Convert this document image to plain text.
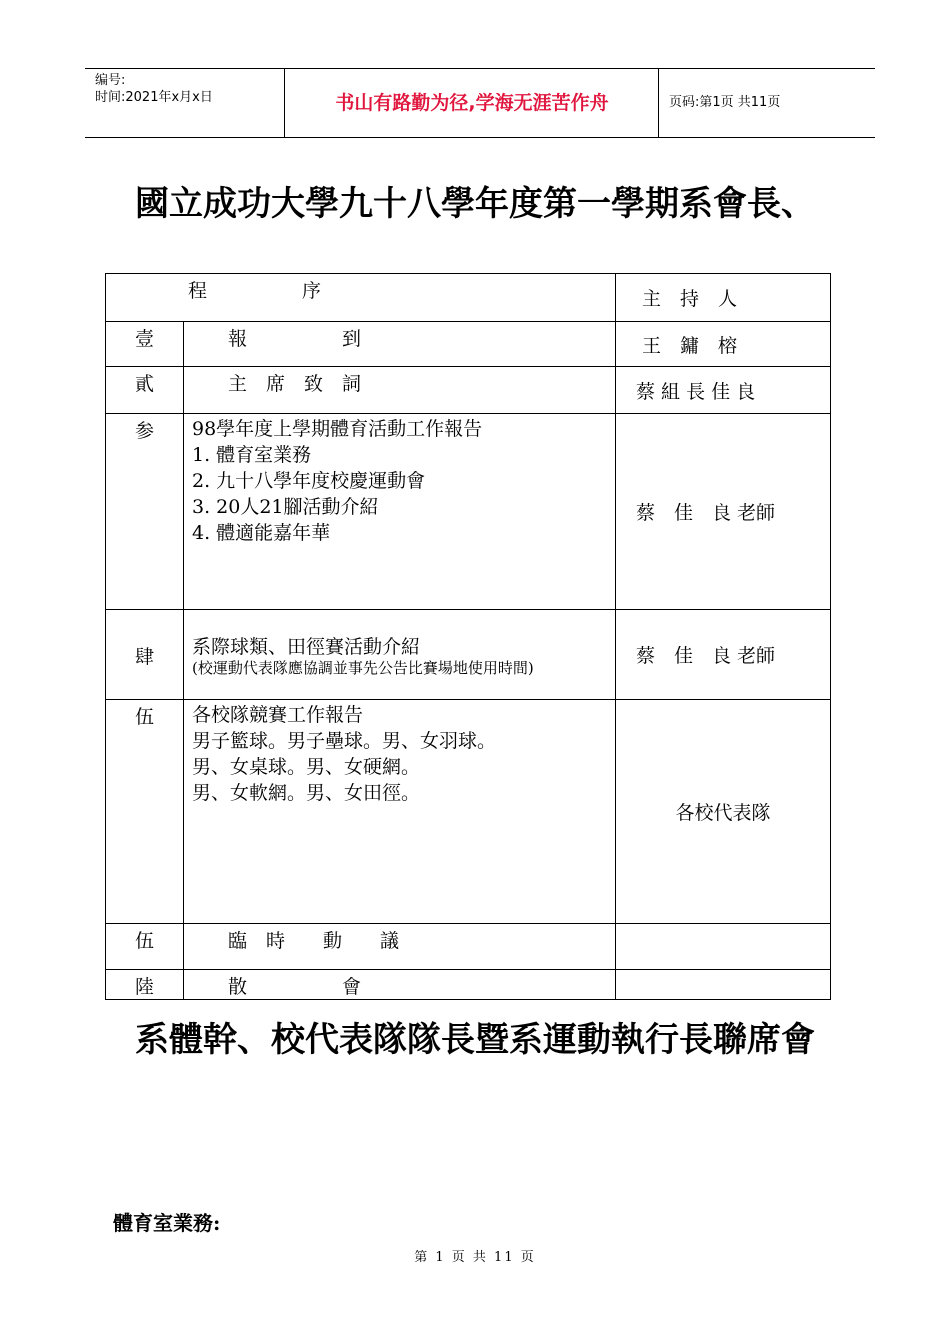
编号:
时间:2021年x月x日	书山有路勤为径,学海无涯苦作舟	页码:第1页 共11页
國立成功大學九十八學年度第一學期系會長、
程　　　　　序		主　持　人
壹	報　　　　　到	王　鏞　榕
貳	主　席　致　詞	蔡 組 長 佳 良
参	98學年度上學期體育活動工作報告
1. 體育室業務
2. 九十八學年度校慶運動會
3. 20人21腳活動介紹
4. 體適能嘉年華	蔡　佳　良 老師
肆	系際球類、田徑賽活動介紹
(校運動代表隊應協調並事先公告比賽場地使用時間)	蔡　佳　良 老師
伍	各校隊競賽工作報告
男子籃球。男子壘球。男、女羽球。
男、女桌球。男、女硬網。
男、女軟網。男、女田徑。	各校代表隊
伍	臨　時　　動　　議	
陸	散　　　　　會	
系體幹、校代表隊隊長暨系運動執行長聯席會
體育室業務:
第 1 页 共 11 页
